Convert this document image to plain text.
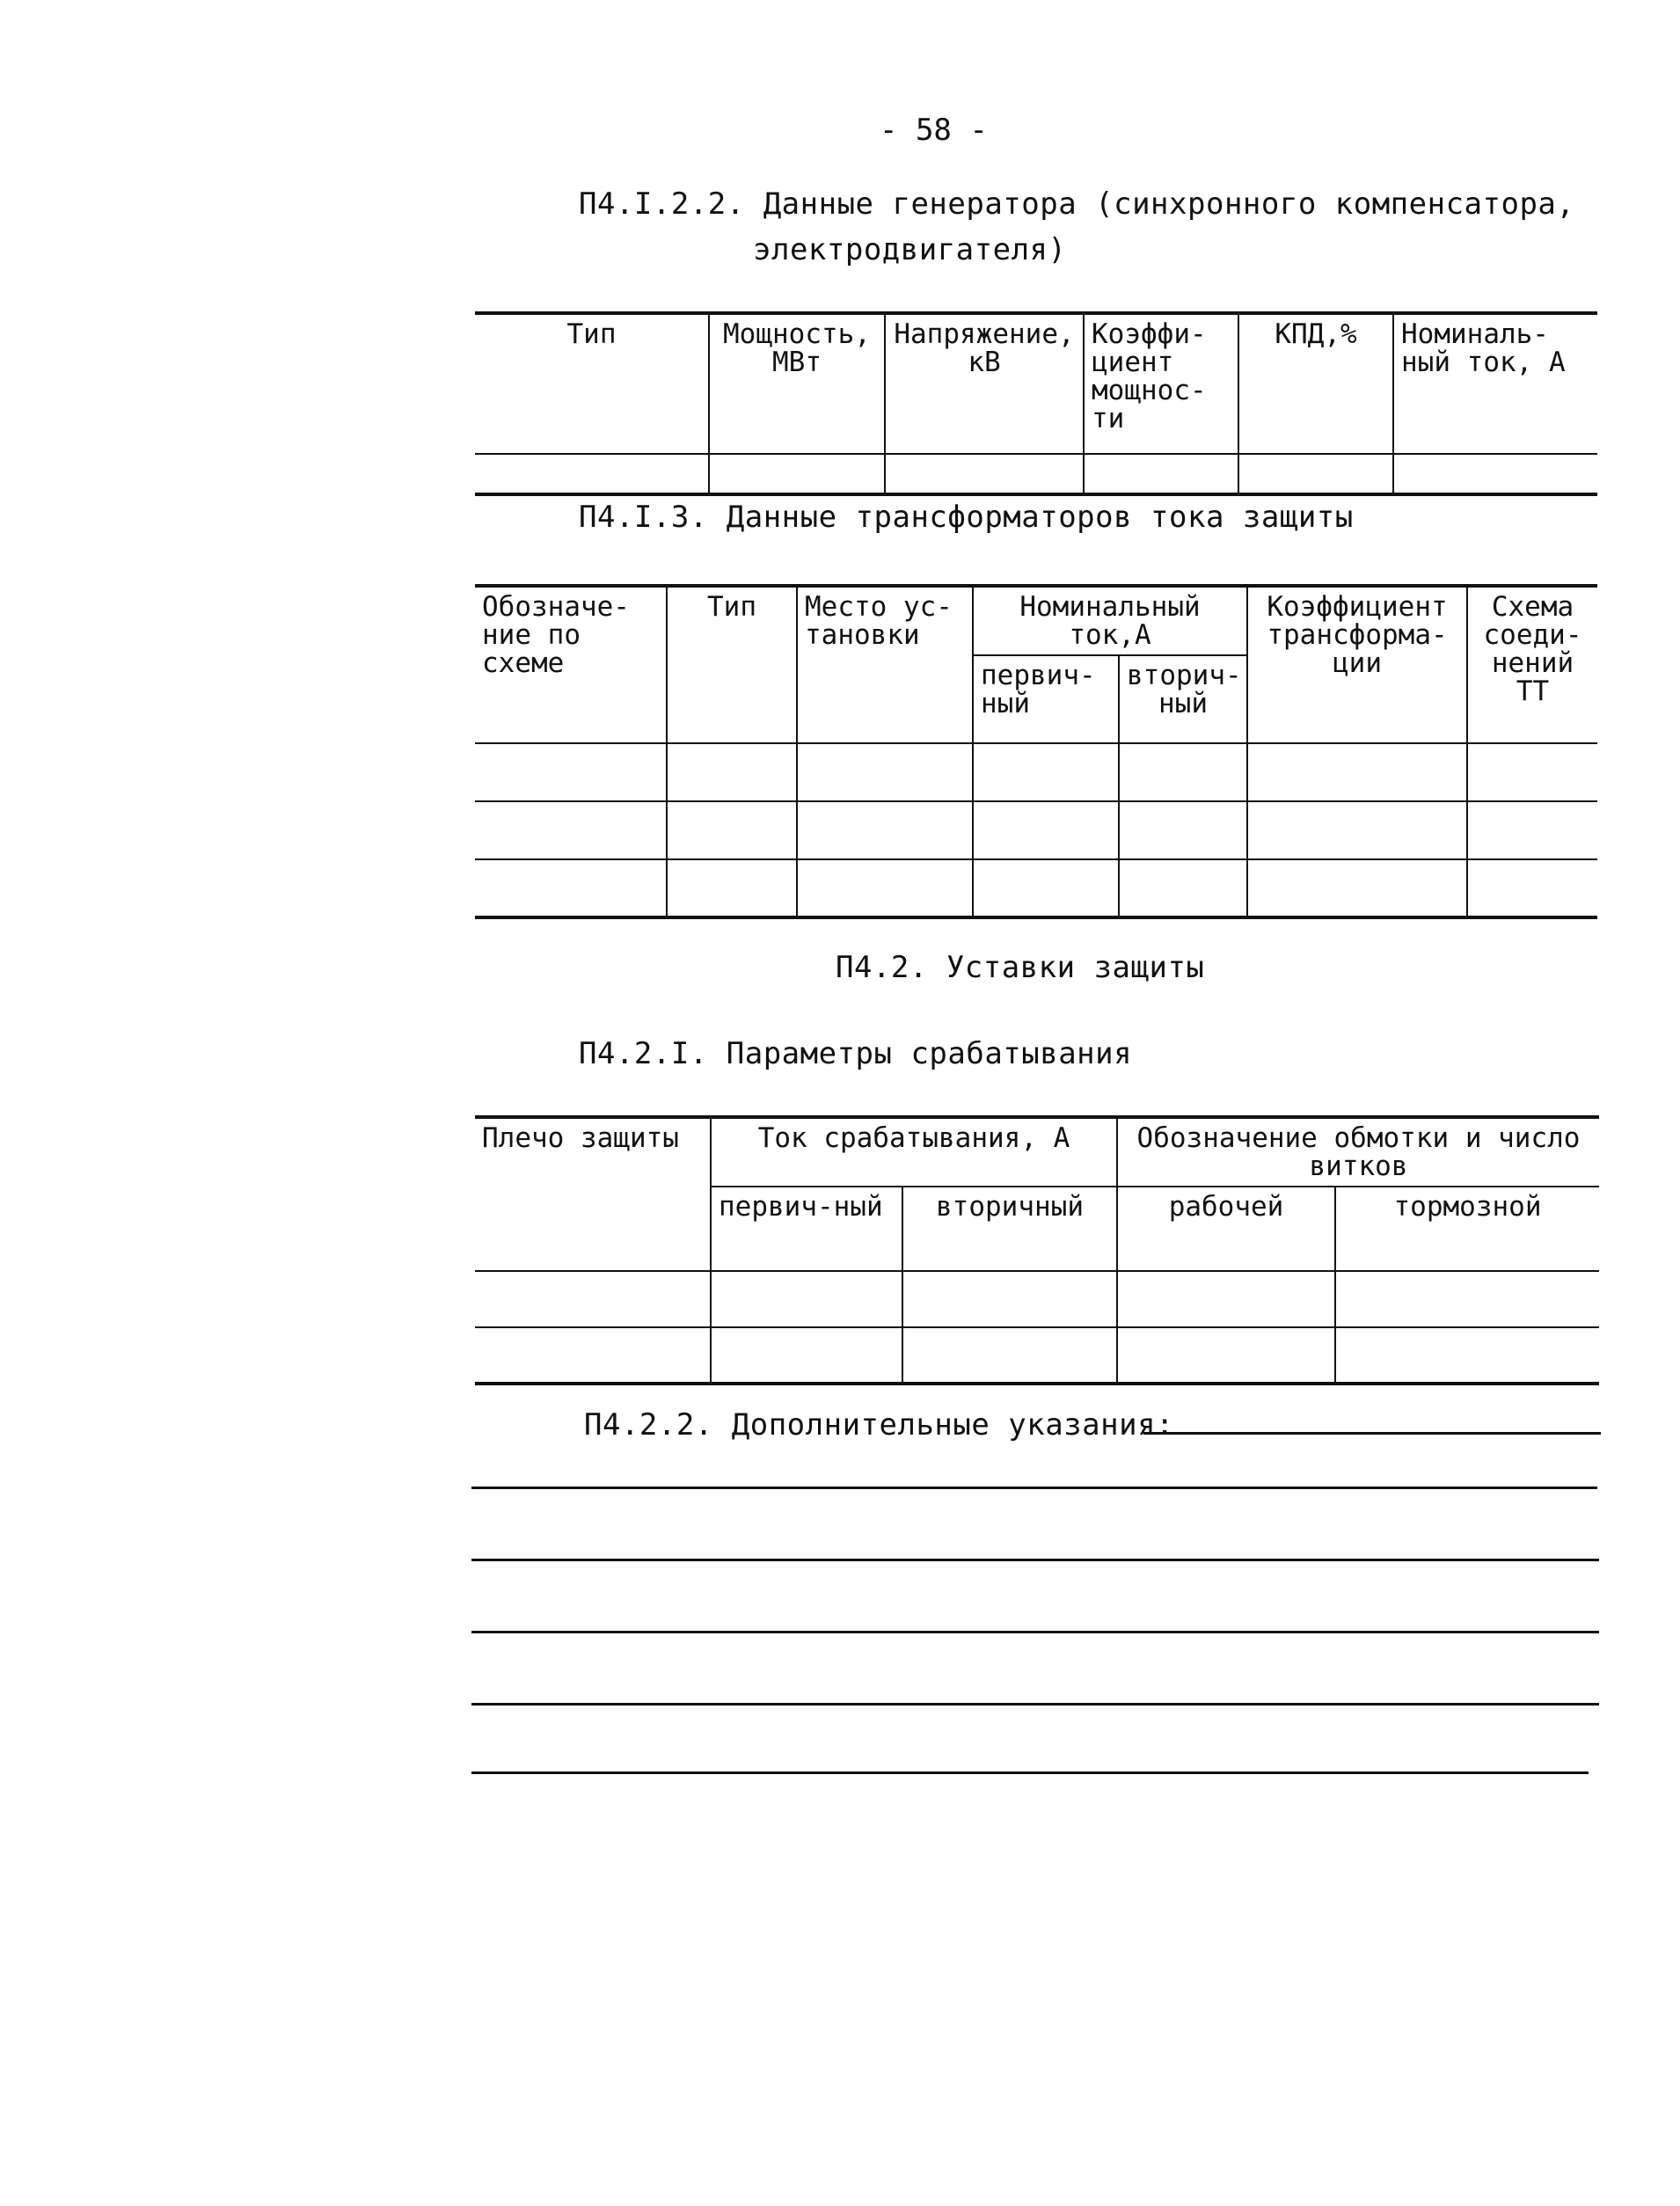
- 58 -
П4.I.2.2. Данные генератора (синхронного компенсатора,
электродвигателя)
Тип	Мощность, МВт	Напряжение, кВ	Коэффи-циент мощнос-ти	КПД,%	Номиналь-ный ток, А

П4.I.3. Данные трансформаторов тока защиты
Обозначе-ние по схеме	Тип	Место ус-тановки	Номинальный ток,А		Коэффициент трансформа-ции	Схема соеди-нений ТТ
			первич-ный	вторич-ный		

П4.2. Уставки защиты
П4.2.I. Параметры срабатывания
Плечо защиты	Ток срабатывания, А		Обозначение обмотки и число витков	
	первич-ный	вторичный	рабочей	тормозной

П4.2.2. Дополнительные указания:
